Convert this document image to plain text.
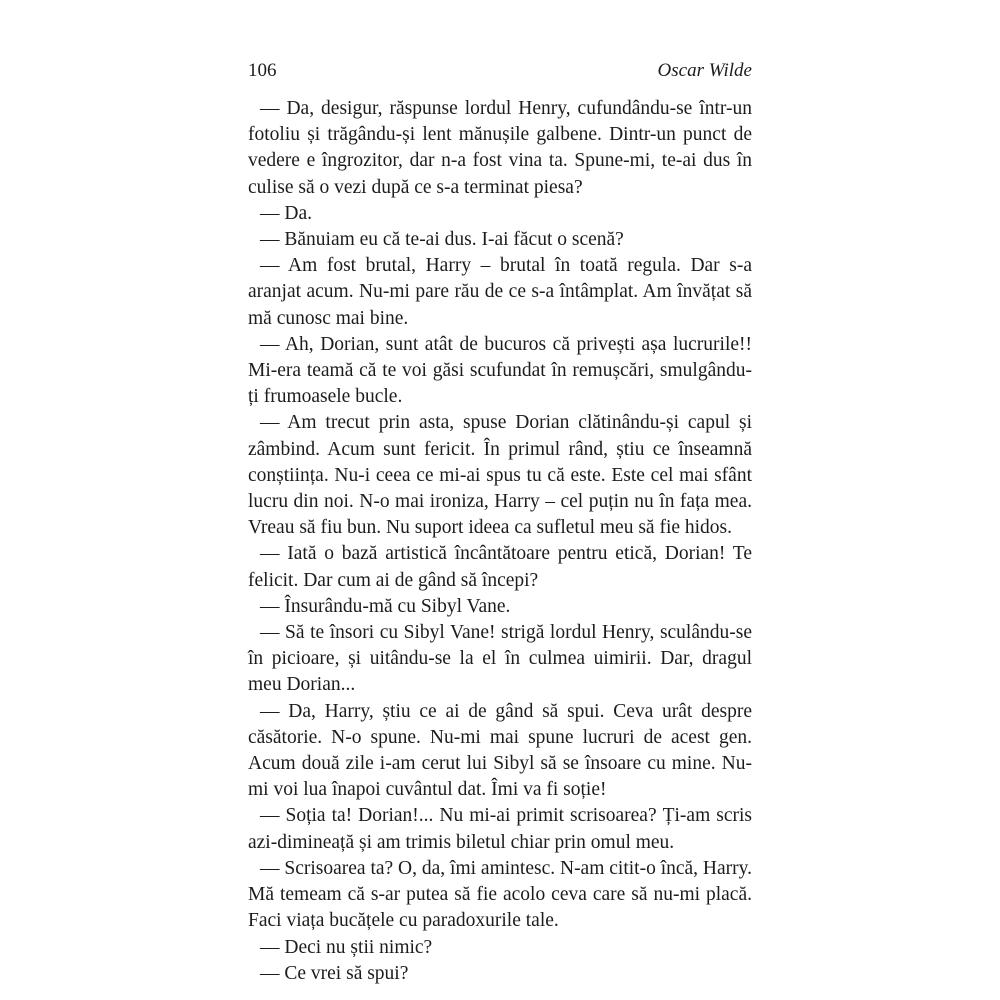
106	Oscar Wilde

— Da, desigur, răspunse lordul Henry, cufundându-se într-un fotoliu și trăgându-și lent mănușile galbene. Dintr-un punct de vedere e îngrozitor, dar n-a fost vina ta. Spune-mi, te-ai dus în culise să o vezi după ce s-a terminat piesa?

— Da.

— Bănuiam eu că te-ai dus. I-ai făcut o scenă?

— Am fost brutal, Harry – brutal în toată regula. Dar s-a aranjat acum. Nu-mi pare rău de ce s-a întâmplat. Am învățat să mă cunosc mai bine.

— Ah, Dorian, sunt atât de bucuros că privești așa lucrurile!! Mi-era teamă că te voi găsi scufundat în remușcări, smulgându-ți frumoasele bucle.

— Am trecut prin asta, spuse Dorian clătinându-și capul și zâmbind. Acum sunt fericit. În primul rând, știu ce înseamnă conștiința. Nu-i ceea ce mi-ai spus tu că este. Este cel mai sfânt lucru din noi. N-o mai ironiza, Harry – cel puțin nu în fața mea. Vreau să fiu bun. Nu suport ideea ca sufletul meu să fie hidos.

— Iată o bază artistică încântătoare pentru etică, Dorian! Te felicit. Dar cum ai de gând să începi?

— Însurându-mă cu Sibyl Vane.

— Să te însori cu Sibyl Vane! strigă lordul Henry, sculându-se în picioare, și uitându-se la el în culmea uimirii. Dar, dragul meu Dorian...

— Da, Harry, știu ce ai de gând să spui. Ceva urât despre căsătorie. N-o spune. Nu-mi mai spune lucruri de acest gen. Acum două zile i-am cerut lui Sibyl să se însoare cu mine. Nu-mi voi lua înapoi cuvântul dat. Îmi va fi soție!

— Soția ta! Dorian!... Nu mi-ai primit scrisoarea? Ți-am scris azi-dimineață și am trimis biletul chiar prin omul meu.

— Scrisoarea ta? O, da, îmi amintesc. N-am citit-o încă, Harry. Mă temeam că s-ar putea să fie acolo ceva care să nu-mi placă. Faci viața bucățele cu paradoxurile tale.

— Deci nu știi nimic?

— Ce vrei să spui?
